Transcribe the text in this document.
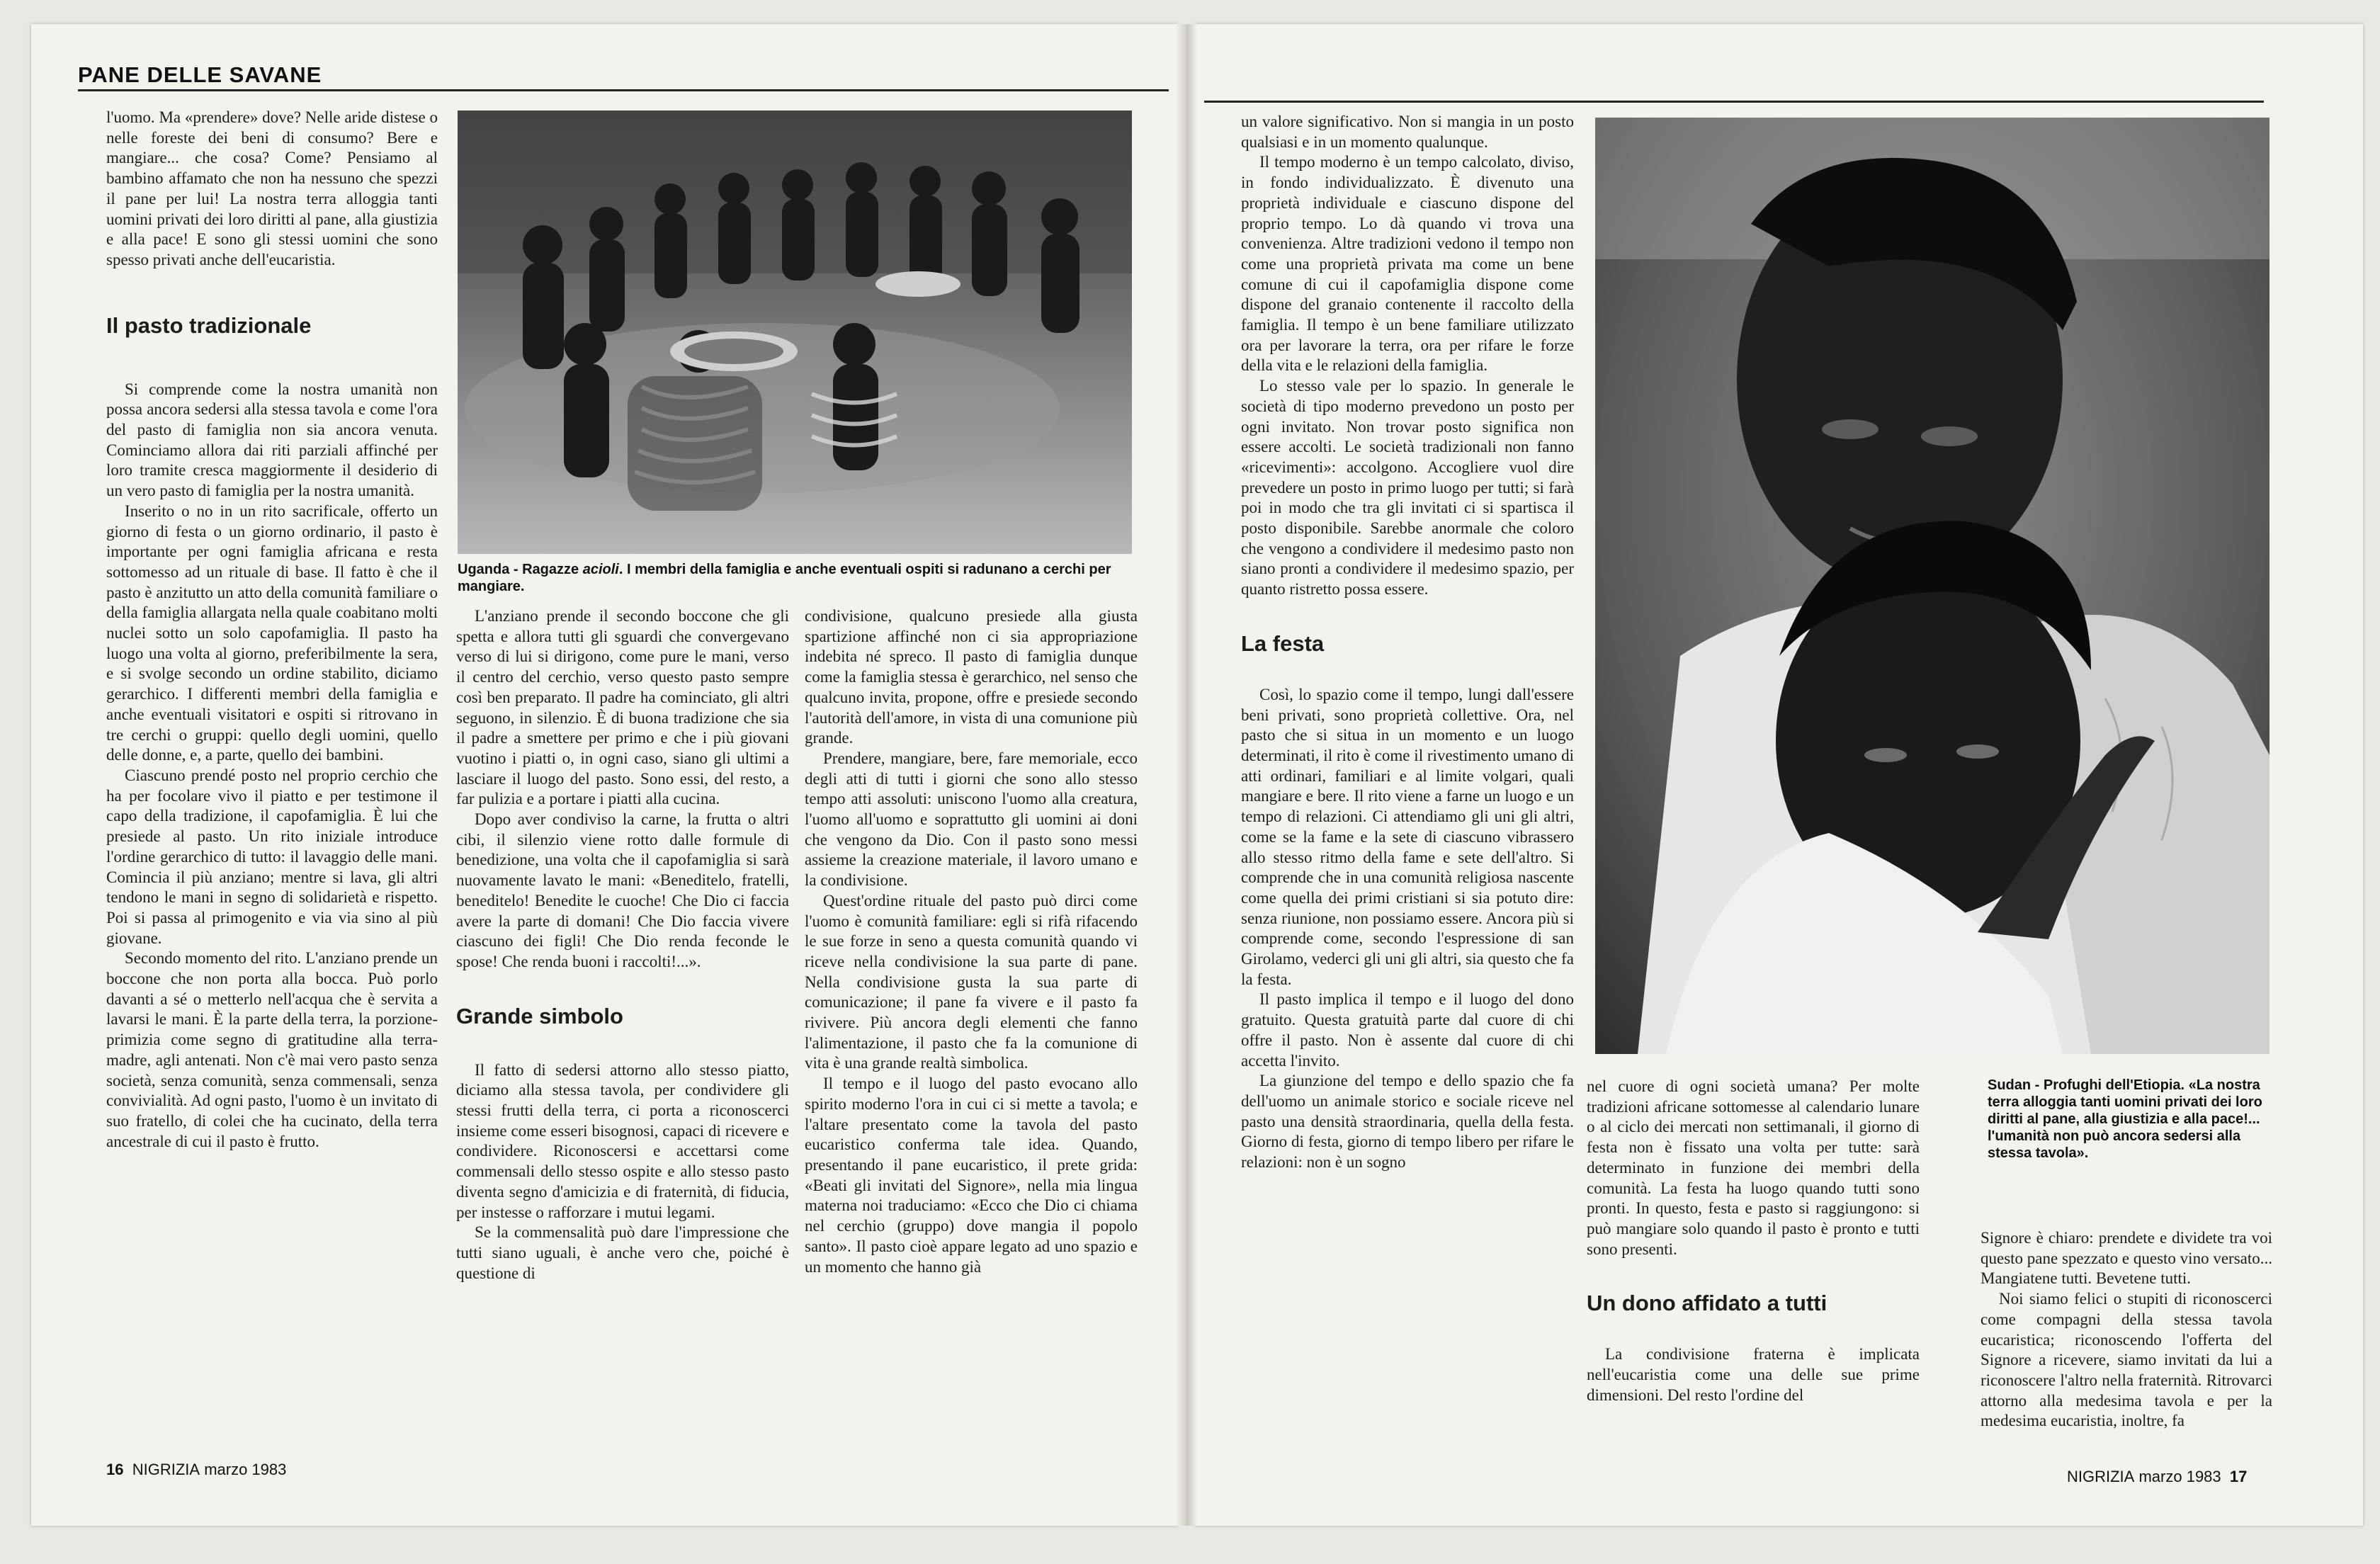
PANE DELLE SAVANE

l'uomo. Ma «prendere» dove? Nelle aride distese o nelle foreste dei beni di consumo? Bere e mangiare... che cosa? Come? Pensiamo al bambino affamato che non ha nessuno che spezzi il pane per lui! La nostra terra alloggia tanti uomini privati dei loro diritti al pane, alla giustizia e alla pace! E sono gli stessi uomini che sono spesso privati anche dell'eucaristia.

Il pasto tradizionale

Si comprende come la nostra umanità non possa ancora sedersi alla stessa tavola e come l'ora del pasto di famiglia non sia ancora venuta. Cominciamo allora dai riti parziali affinché per loro tramite cresca maggiormente il desiderio di un vero pasto di famiglia per la nostra umanità.

Inserito o no in un rito sacrificale, offerto un giorno di festa o un giorno ordinario, il pasto è importante per ogni famiglia africana e resta sottomesso ad un rituale di base. Il fatto è che il pasto è anzitutto un atto della comunità familiare o della famiglia allargata nella quale coabitano molti nuclei sotto un solo capofamiglia. Il pasto ha luogo una volta al giorno, preferibilmente la sera, e si svolge secondo un ordine stabilito, diciamo gerarchico. I differenti membri della famiglia e anche eventuali visitatori e ospiti si ritrovano in tre cerchi o gruppi: quello degli uomini, quello delle donne, e, a parte, quello dei bambini.

Ciascuno prendé posto nel proprio cerchio che ha per focolare vivo il piatto e per testimone il capo della tradizione, il capofamiglia. È lui che presiede al pasto. Un rito iniziale introduce l'ordine gerarchico di tutto: il lavaggio delle mani. Comincia il più anziano; mentre si lava, gli altri tendono le mani in segno di solidarietà e rispetto. Poi si passa al primogenito e via via sino al più giovane.

Secondo momento del rito. L'anziano prende un boccone che non porta alla bocca. Può porlo davanti a sé o metterlo nell'acqua che è servita a lavarsi le mani. È la parte della terra, la porzione-primizia come segno di gratitudine alla terra-madre, agli antenati. Non c'è mai vero pasto senza società, senza comunità, senza commensali, senza convivialità. Ad ogni pasto, l'uomo è un invitato di suo fratello, di colei che ha cucinato, della terra ancestrale di cui il pasto è frutto.

Uganda - Ragazze acioli. I membri della famiglia e anche eventuali ospiti si radunano a cerchi per mangiare.

L'anziano prende il secondo boccone che gli spetta e allora tutti gli sguardi che convergevano verso di lui si dirigono, come pure le mani, verso il centro del cerchio, verso questo pasto sempre così ben preparato. Il padre ha cominciato, gli altri seguono, in silenzio. È di buona tradizione che sia il padre a smettere per primo e che i più giovani vuotino i piatti o, in ogni caso, siano gli ultimi a lasciare il luogo del pasto. Sono essi, del resto, a far pulizia e a portare i piatti alla cucina.

Dopo aver condiviso la carne, la frutta o altri cibi, il silenzio viene rotto dalle formule di benedizione, una volta che il capofamiglia si sarà nuovamente lavato le mani: «Beneditelo, fratelli, beneditelo! Benedite le cuoche! Che Dio ci faccia avere la parte di domani! Che Dio faccia vivere ciascuno dei figli! Che Dio renda feconde le spose! Che renda buoni i raccolti!...».

Grande simbolo

Il fatto di sedersi attorno allo stesso piatto, diciamo alla stessa tavola, per condividere gli stessi frutti della terra, ci porta a riconoscerci insieme come esseri bisognosi, capaci di ricevere e condividere. Riconoscersi e accettarsi come commensali dello stesso ospite e allo stesso pasto diventa segno d'amicizia e di fraternità, di fiducia, per instesse o rafforzare i mutui legami.

Se la commensalità può dare l'impressione che tutti siano uguali, è anche vero che, poiché è questione di

condivisione, qualcuno presiede alla giusta spartizione affinché non ci sia appropriazione indebita né spreco. Il pasto di famiglia dunque come la famiglia stessa è gerarchico, nel senso che qualcuno invita, propone, offre e presiede secondo l'autorità dell'amore, in vista di una comunione più grande.

Prendere, mangiare, bere, fare memoriale, ecco degli atti di tutti i giorni che sono allo stesso tempo atti assoluti: uniscono l'uomo alla creatura, l'uomo all'uomo e soprattutto gli uomini ai doni che vengono da Dio. Con il pasto sono messi assieme la creazione materiale, il lavoro umano e la condivisione.

Quest'ordine rituale del pasto può dirci come l'uomo è comunità familiare: egli si rifà rifacendo le sue forze in seno a questa comunità quando vi riceve nella condivisione la sua parte di pane. Nella condivisione gusta la sua parte di comunicazione; il pane fa vivere e il pasto fa rivivere. Più ancora degli elementi che fanno l'alimentazione, il pasto che fa la comunione di vita è una grande realtà simbolica.

Il tempo e il luogo del pasto evocano allo spirito moderno l'ora in cui ci si mette a tavola; e l'altare presentato come la tavola del pasto eucaristico conferma tale idea. Quando, presentando il pane eucaristico, il prete grida: «Beati gli invitati del Signore», nella mia lingua materna noi traduciamo: «Ecco che Dio ci chiama nel cerchio (gruppo) dove mangia il popolo santo». Il pasto cioè appare legato ad uno spazio e un momento che hanno già

un valore significativo. Non si mangia in un posto qualsiasi e in un momento qualunque.

Il tempo moderno è un tempo calcolato, diviso, in fondo individualizzato. È divenuto una proprietà individuale e ciascuno dispone del proprio tempo. Lo dà quando vi trova una convenienza. Altre tradizioni vedono il tempo non come una proprietà privata ma come un bene comune di cui il capofamiglia dispone come dispone del granaio contenente il raccolto della famiglia. Il tempo è un bene familiare utilizzato ora per lavorare la terra, ora per rifare le forze della vita e le relazioni della famiglia.

Lo stesso vale per lo spazio. In generale le società di tipo moderno prevedono un posto per ogni invitato. Non trovar posto significa non essere accolti. Le società tradizionali non fanno «ricevimenti»: accolgono. Accogliere vuol dire prevedere un posto in primo luogo per tutti; si farà poi in modo che tra gli invitati ci si spartisca il posto disponibile. Sarebbe anormale che coloro che vengono a condividere il medesimo pasto non siano pronti a condividere il medesimo spazio, per quanto ristretto possa essere.

La festa

Così, lo spazio come il tempo, lungi dall'essere beni privati, sono proprietà collettive. Ora, nel pasto che si situa in un momento e un luogo determinati, il rito è come il rivestimento umano di atti ordinari, familiari e al limite volgari, quali mangiare e bere. Il rito viene a farne un luogo e un tempo di relazioni. Ci attendiamo gli uni gli altri, come se la fame e la sete di ciascuno vibrassero allo stesso ritmo della fame e sete dell'altro. Si comprende che in una comunità religiosa nascente come quella dei primi cristiani si sia potuto dire: senza riunione, non possiamo essere. Ancora più si comprende come, secondo l'espressione di san Girolamo, vederci gli uni gli altri, sia questo che fa la festa.

Il pasto implica il tempo e il luogo del dono gratuito. Questa gratuità parte dal cuore di chi offre il pasto. Non è assente dal cuore di chi accetta l'invito.

La giunzione del tempo e dello spazio che fa dell'uomo un animale storico e sociale riceve nel pasto una densità straordinaria, quella della festa. Giorno di festa, giorno di tempo libero per rifare le relazioni: non è un sogno

Sudan - Profughi dell'Etiopia. «La nostra terra alloggia tanti uomini privati dei loro diritti al pane, alla giustizia e alla pace!... l'umanità non può ancora sedersi alla stessa tavola».

nel cuore di ogni società umana? Per molte tradizioni africane sottomesse al calendario lunare o al ciclo dei mercati non settimanali, il giorno di festa non è fissato una volta per tutte: sarà determinato in funzione dei membri della comunità. La festa ha luogo quando tutti sono pronti. In questo, festa e pasto si raggiungono: si può mangiare solo quando il pasto è pronto e tutti sono presenti.

Un dono affidato a tutti

La condivisione fraterna è implicata nell'eucaristia come una delle sue prime dimensioni. Del resto l'ordine del

Signore è chiaro: prendete e dividete tra voi questo pane spezzato e questo vino versato... Mangiatene tutti. Bevetene tutti.

Noi siamo felici o stupiti di riconoscerci come compagni della stessa tavola eucaristica; riconoscendo l'offerta del Signore a ricevere, siamo invitati da lui a riconoscere l'altro nella fraternità. Ritrovarci attorno alla medesima tavola e per la medesima eucaristia, inoltre, fa

16 NIGRIZIA marzo 1983	NIGRIZIA marzo 1983 17
